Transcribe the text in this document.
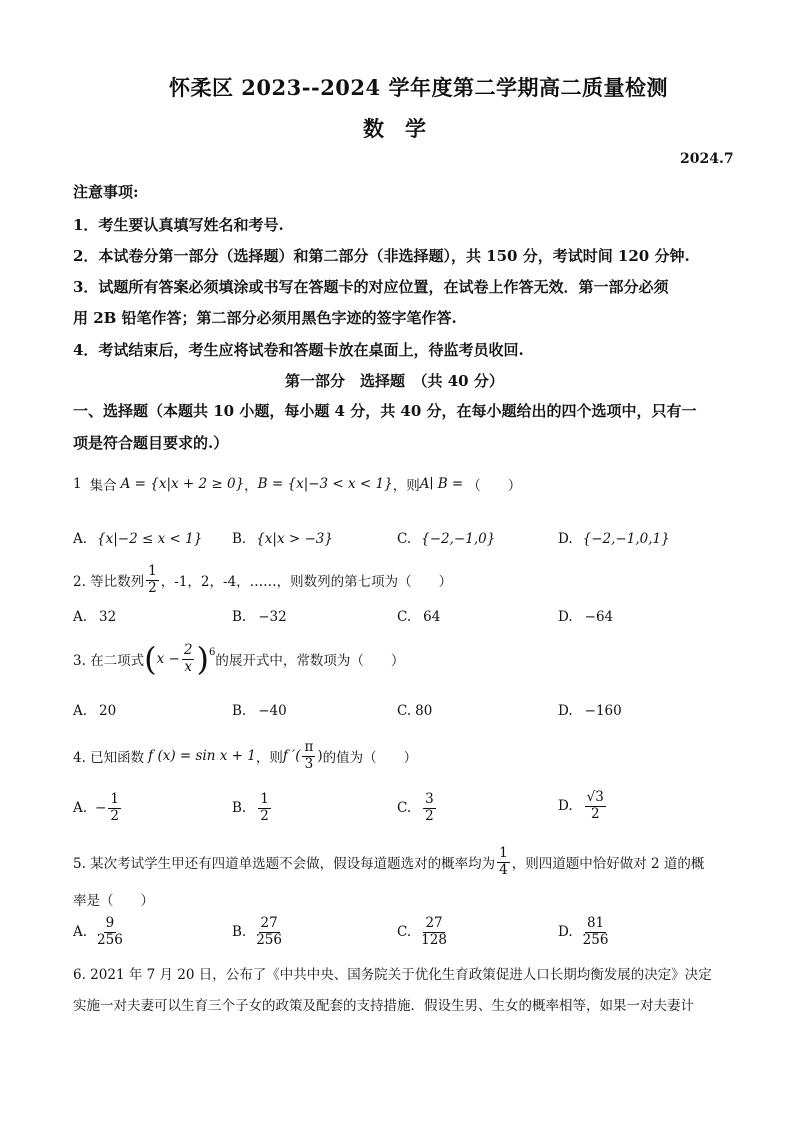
怀柔区 2023--2024 学年度第二学期高二质量检测
数　学
2024.7
注意事项:
1．考生要认真填写姓名和考号.
2．本试卷分第一部分（选择题）和第二部分（非选择题），共 150 分，考试时间 120 分钟.
3．试题所有答案必须填涂或书写在答题卡的对应位置，在试卷上作答无效．第一部分必须
用 2B 铅笔作答；第二部分必须用黑色字迹的签字笔作答.
4．考试结束后，考生应将试卷和答题卡放在桌面上，待监考员收回.
第一部分　选择题　（共 40 分）
一、选择题（本题共 10 小题，每小题 4 分，共 40 分，在每小题给出的四个选项中，只有一
项是符合题目要求的.）
1 集合 A = {x|x + 2 ≥ 0} ， B = {x|−3 < x < 1} ，则 A∣ B = （　　）
A. {x|−2 ≤ x < 1} B. {x|x > −3}	C. {−2,−1,0}	D. {−2,−1,0,1}
2. 等比数列 $\frac{1}{2}$ ，-1，2，-4，……，则数列的第七项为（　　）
A. 32	B. −32	C. 64	D. −64
3. 在二项式 ( $x - \frac{2}{x}$ ) 6
的展开式中，常数项为（　　）
A. 20	B. −40	C. 80	D. −160
4. 已知函数 f (x) = sin x + 1 ，则 f ′( $\frac{\pi}{3}$ ) 的值为（　　）
A. − $\frac{1}{2}$	B. $\frac{1}{2}$	C. $\frac{3}{2}$	D. $\frac{√3}{2}$
5. 某次考试学生甲还有四道单选题不会做，假设每道题选对的概率均为 $\frac{1}{4}$ ，则四道题中恰好做对 2 道的概
率是（　　）
A. $\frac{9}{256}$	B. $\frac{27}{256}$	C. $\frac{27}{128}$	D. $\frac{81}{256}$
6. 2021 年 7 月 20 日，公布了《中共中央、国务院关于优化生育政策促进人口长期均衡发展的决定》决定
实施一对夫妻可以生育三个子女的政策及配套的支持措施．假设生男、生女的概率相等，如果一对夫妻计
